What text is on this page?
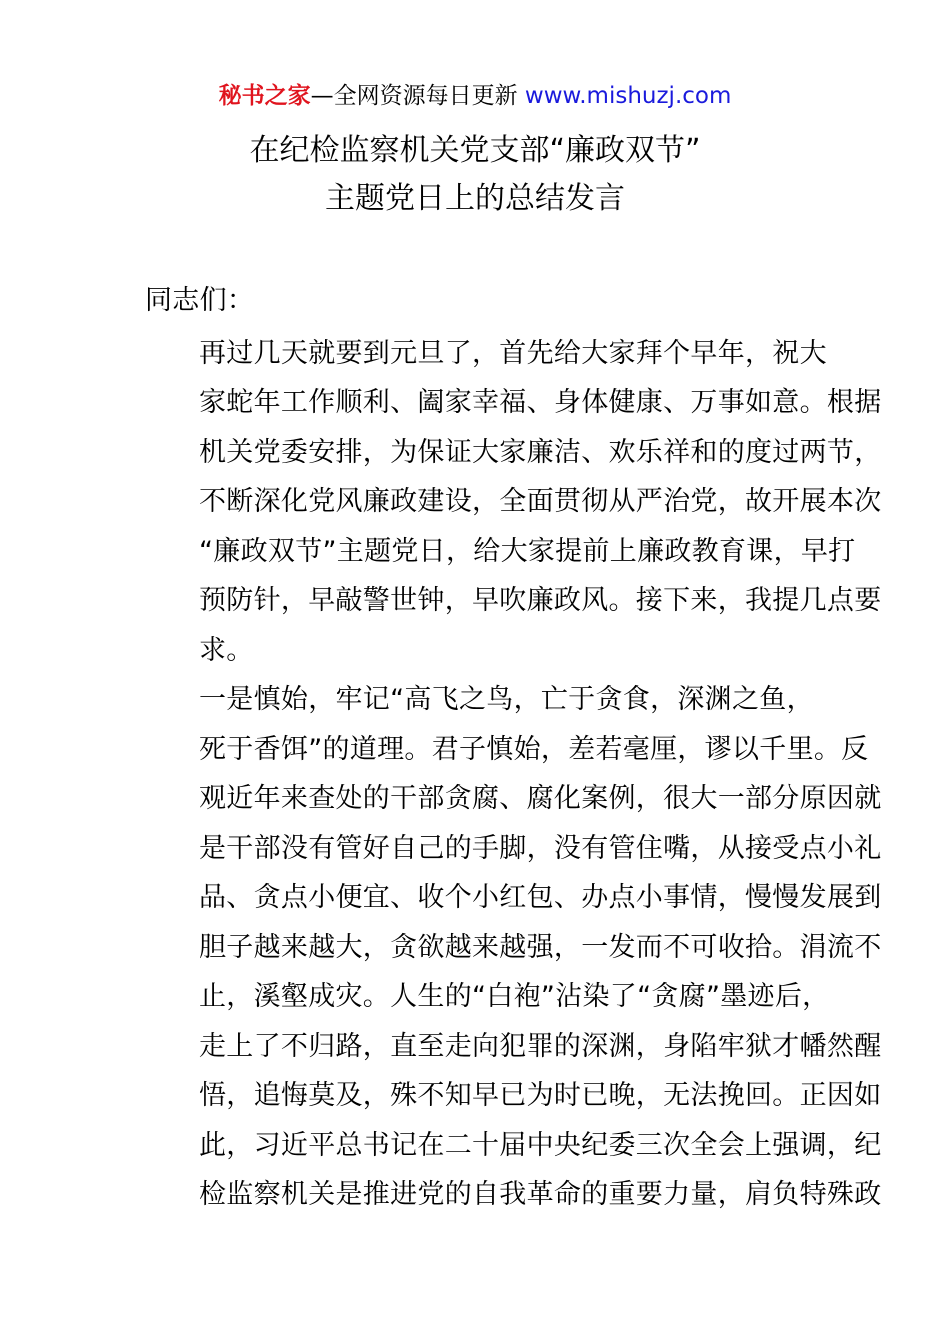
秘书之家—全网资源每日更新 www.mishuzj.com
在纪检监察机关党支部“廉政双节”
主题党日上的总结发言

同志们：

再过几天就要到元旦了，首先给大家拜个早年，祝大
家蛇年工作顺利、阖家幸福、身体健康、万事如意。根据
机关党委安排，为保证大家廉洁、欢乐祥和的度过两节，
不断深化党风廉政建设，全面贯彻从严治党，故开展本次
“廉政双节”主题党日，给大家提前上廉政教育课，早打
预防针，早敲警世钟，早吹廉政风。接下来，我提几点要
求。

一是慎始，牢记“高飞之鸟，亡于贪食，深渊之鱼，
死于香饵”的道理。君子慎始，差若毫厘，谬以千里。反
观近年来查处的干部贪腐、腐化案例，很大一部分原因就
是干部没有管好自己的手脚，没有管住嘴，从接受点小礼
品、贪点小便宜、收个小红包、办点小事情，慢慢发展到
胆子越来越大，贪欲越来越强，一发而不可收拾。涓流不
止，溪壑成灾。人生的“白袍”沾染了“贪腐”墨迹后，
走上了不归路，直至走向犯罪的深渊，身陷牢狱才幡然醒
悟，追悔莫及，殊不知早已为时已晚，无法挽回。正因如
此，习近平总书记在二十届中央纪委三次全会上强调，纪
检监察机关是推进党的自我革命的重要力量，肩负特殊政
